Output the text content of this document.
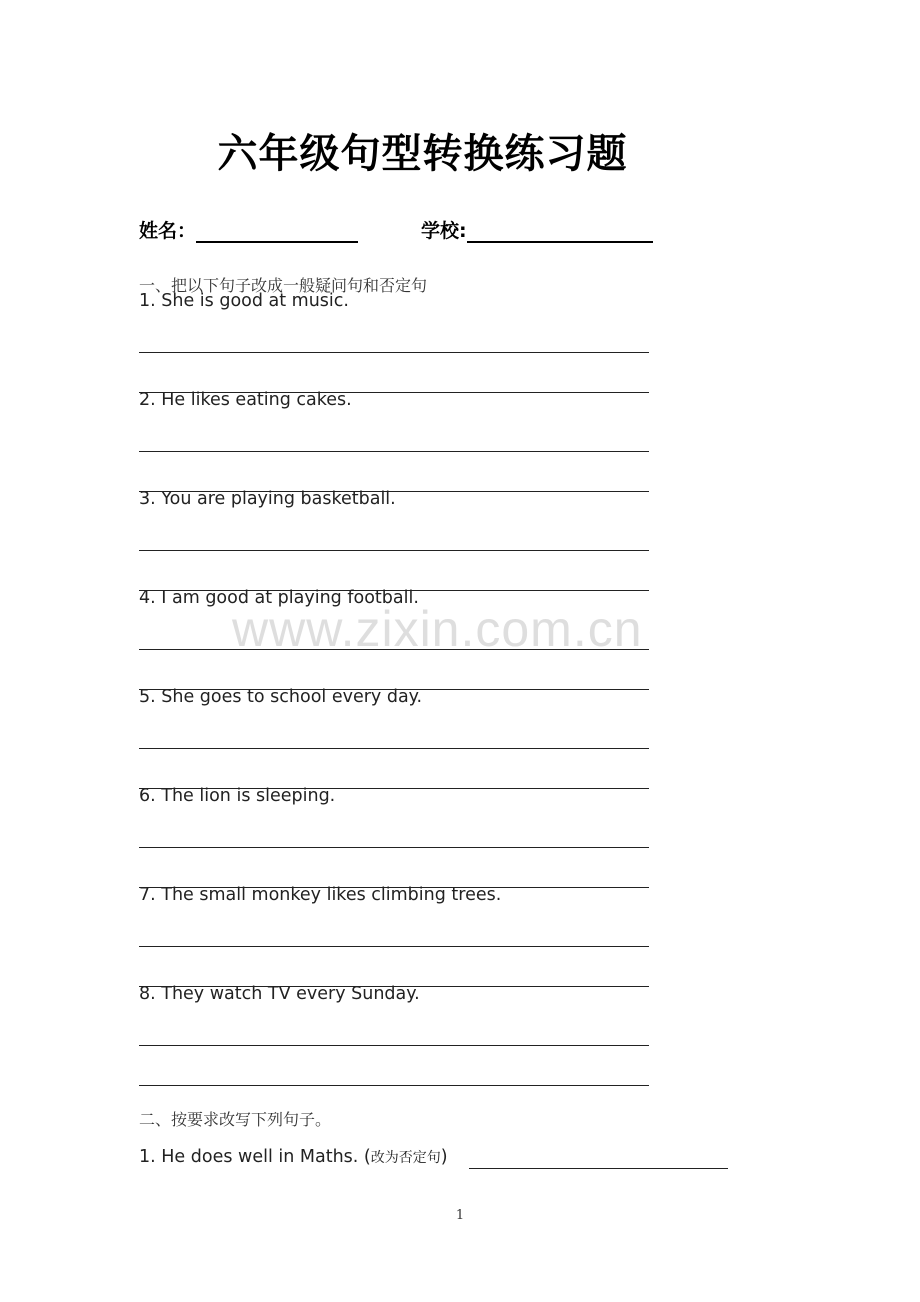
六年级句型转换练习题
姓名：	学校:
一、把以下句子改成一般疑问句和否定句
1. She is good at music.
2. He likes eating cakes.
3. You are playing basketball.
4. I am good at playing football.
5. She goes to school every day.
6. The lion is sleeping.
7. The small monkey likes climbing trees.
8. They watch TV every Sunday.
www.zixin.com.cn
二、按要求改写下列句子。
1. He does well in Maths. (改为否定句)
1
